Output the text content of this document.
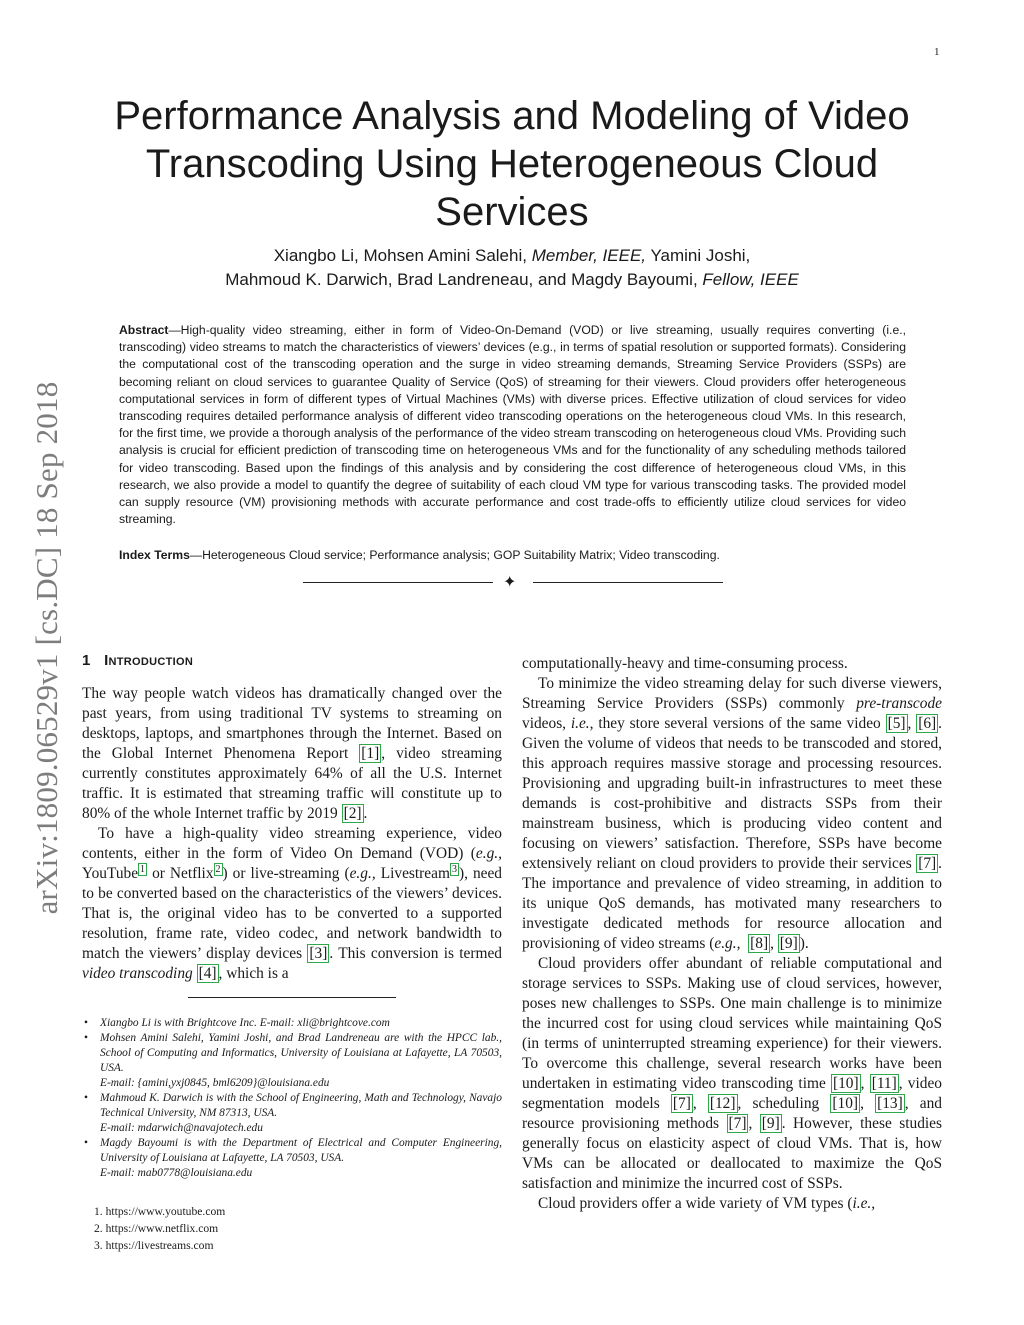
1
arXiv:1809.06529v1 [cs.DC] 18 Sep 2018
Performance Analysis and Modeling of Video Transcoding Using Heterogeneous Cloud Services
Xiangbo Li, Mohsen Amini Salehi, Member, IEEE, Yamini Joshi,
Mahmoud K. Darwich, Brad Landreneau, and Magdy Bayoumi, Fellow, IEEE
Abstract—High-quality video streaming, either in form of Video-On-Demand (VOD) or live streaming, usually requires converting (i.e., transcoding) video streams to match the characteristics of viewers’ devices (e.g., in terms of spatial resolution or supported formats). Considering the computational cost of the transcoding operation and the surge in video streaming demands, Streaming Service Providers (SSPs) are becoming reliant on cloud services to guarantee Quality of Service (QoS) of streaming for their viewers. Cloud providers offer heterogeneous computational services in form of different types of Virtual Machines (VMs) with diverse prices. Effective utilization of cloud services for video transcoding requires detailed performance analysis of different video transcoding operations on the heterogeneous cloud VMs. In this research, for the first time, we provide a thorough analysis of the performance of the video stream transcoding on heterogeneous cloud VMs. Providing such analysis is crucial for efficient prediction of transcoding time on heterogeneous VMs and for the functionality of any scheduling methods tailored for video transcoding. Based upon the findings of this analysis and by considering the cost difference of heterogeneous cloud VMs, in this research, we also provide a model to quantify the degree of suitability of each cloud VM type for various transcoding tasks. The provided model can supply resource (VM) provisioning methods with accurate performance and cost trade-offs to efficiently utilize cloud services for video streaming.
Index Terms—Heterogeneous Cloud service; Performance analysis; GOP Suitability Matrix; Video transcoding.
✦
1 Introduction

The way people watch videos has dramatically changed over the past years, from using traditional TV systems to streaming on desktops, laptops, and smartphones through the Internet. Based on the Global Internet Phenomena Report [1] , video streaming currently constitutes approximately 64% of all the U.S. Internet traffic. It is estimated that streaming traffic will constitute up to 80% of the whole Internet traffic by 2019 [2] .

To have a high-quality video streaming experience, video contents, either in the form of Video On Demand (VOD) (e.g., YouTube $^1$ or Netflix $^2$ ) or live-streaming (e.g., Livestream $^3$ ), need to be converted based on the characteristics of the viewers’ devices. That is, the original video has to be converted to a supported resolution, frame rate, video codec, and network bandwidth to match the viewers’ display devices [3] . This conversion is termed video transcoding [4] , which is a

• Xiangbo Li is with Brightcove Inc. E-mail: xli@brightcove.com
• Mohsen Amini Salehi, Yamini Joshi, and Brad Landreneau are with the HPCC lab., School of Computing and Informatics, University of Louisiana at Lafayette, LA 70503, USA.
E-mail: {amini,yxj0845, bml6209}@louisiana.edu
• Mahmoud K. Darwich is with the School of Engineering, Math and Technology, Navajo Technical University, NM 87313, USA.
E-mail: mdarwich@navajotech.edu
• Magdy Bayoumi is with the Department of Electrical and Computer Engineering, University of Louisiana at Lafayette, LA 70503, USA.
E-mail: mab0778@louisiana.edu
1. https://www.youtube.com
2. https://www.netflix.com
3. https://livestreams.com

computationally-heavy and time-consuming process.

To minimize the video streaming delay for such diverse viewers, Streaming Service Providers (SSPs) commonly pre-transcode videos, i.e., they store several versions of the same video [5] , [6] . Given the volume of videos that needs to be transcoded and stored, this approach requires massive storage and processing resources. Provisioning and upgrading built-in infrastructures to meet these demands is cost-prohibitive and distracts SSPs from their mainstream business, which is producing video content and focusing on viewers’ satisfaction. Therefore, SSPs have become extensively reliant on cloud providers to provide their services [7] . The importance and prevalence of video streaming, in addition to its unique QoS demands, has motivated many researchers to investigate dedicated methods for resource allocation and provisioning of video streams (e.g., [8] , [9] ).

Cloud providers offer abundant of reliable computational and storage services to SSPs. Making use of cloud services, however, poses new challenges to SSPs. One main challenge is to minimize the incurred cost for using cloud services while maintaining QoS (in terms of uninterrupted streaming experience) for their viewers. To overcome this challenge, several research works have been undertaken in estimating video transcoding time [10] , [11] , video segmentation models [7] , [12] , scheduling [10] , [13] , and resource provisioning methods [7] , [9] . However, these studies generally focus on elasticity aspect of cloud VMs. That is, how VMs can be allocated or deallocated to maximize the QoS satisfaction and minimize the incurred cost of SSPs.

Cloud providers offer a wide variety of VM types (i.e.,
